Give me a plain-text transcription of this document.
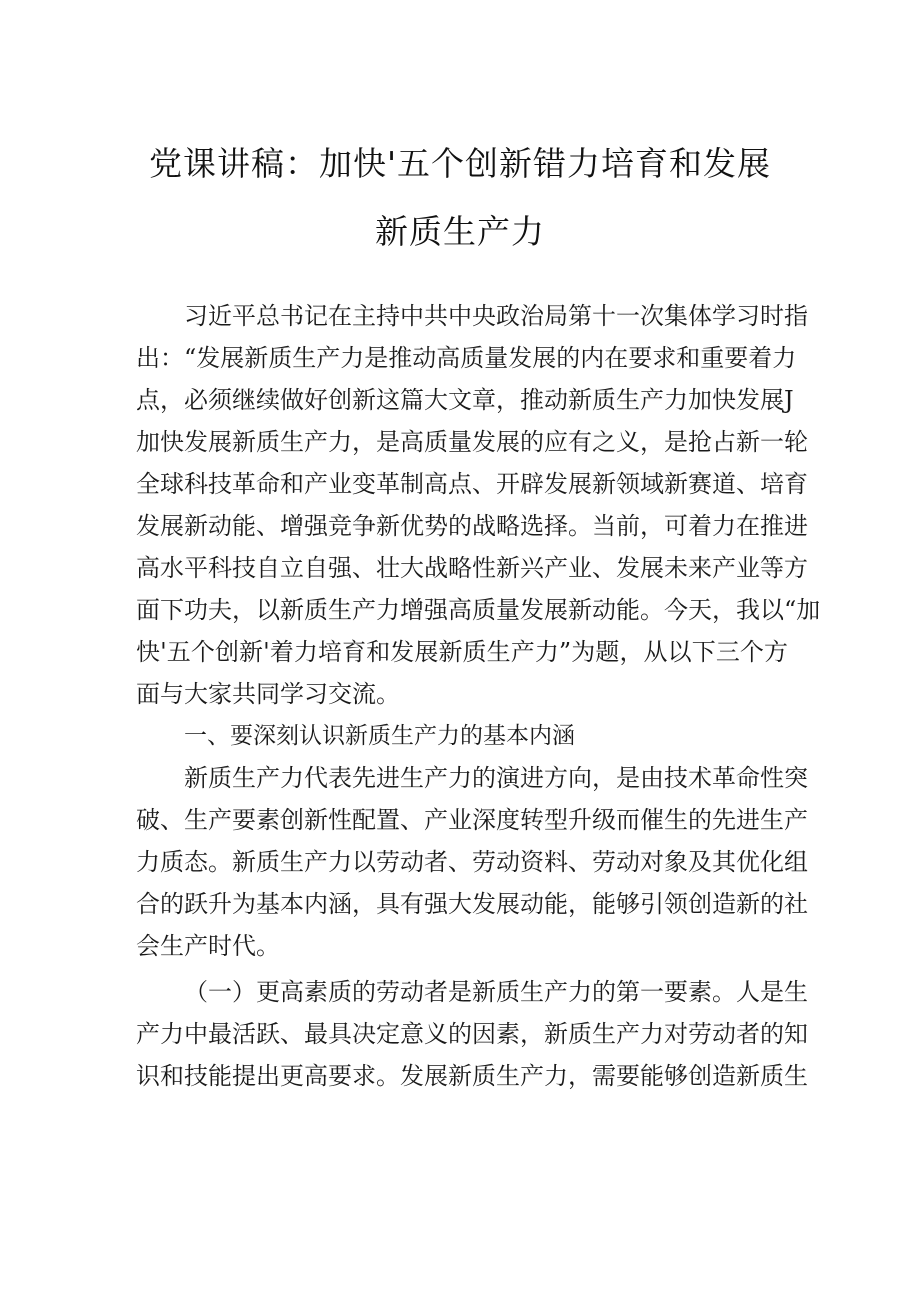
党课讲稿：加快'五个创新错力培育和发展
新质生产力
习近平总书记在主持中共中央政治局第十一次集体学习时指
出：“发展新质生产力是推动高质量发展的内在要求和重要着力
点，必须继续做好创新这篇大文章，推动新质生产力加快发展J
加快发展新质生产力，是高质量发展的应有之义，是抢占新一轮
全球科技革命和产业变革制高点、开辟发展新领域新赛道、培育
发展新动能、增强竞争新优势的战略选择。当前，可着力在推进
高水平科技自立自强、壮大战略性新兴产业、发展未来产业等方
面下功夫，以新质生产力增强高质量发展新动能。今天，我以“加
快'五个创新'着力培育和发展新质生产力”为题，从以下三个方
面与大家共同学习交流。
一、要深刻认识新质生产力的基本内涵
新质生产力代表先进生产力的演进方向，是由技术革命性突
破、生产要素创新性配置、产业深度转型升级而催生的先进生产
力质态。新质生产力以劳动者、劳动资料、劳动对象及其优化组
合的跃升为基本内涵，具有强大发展动能，能够引领创造新的社
会生产时代。
（一）更高素质的劳动者是新质生产力的第一要素。人是生
产力中最活跃、最具决定意义的因素，新质生产力对劳动者的知
识和技能提出更高要求。发展新质生产力，需要能够创造新质生
